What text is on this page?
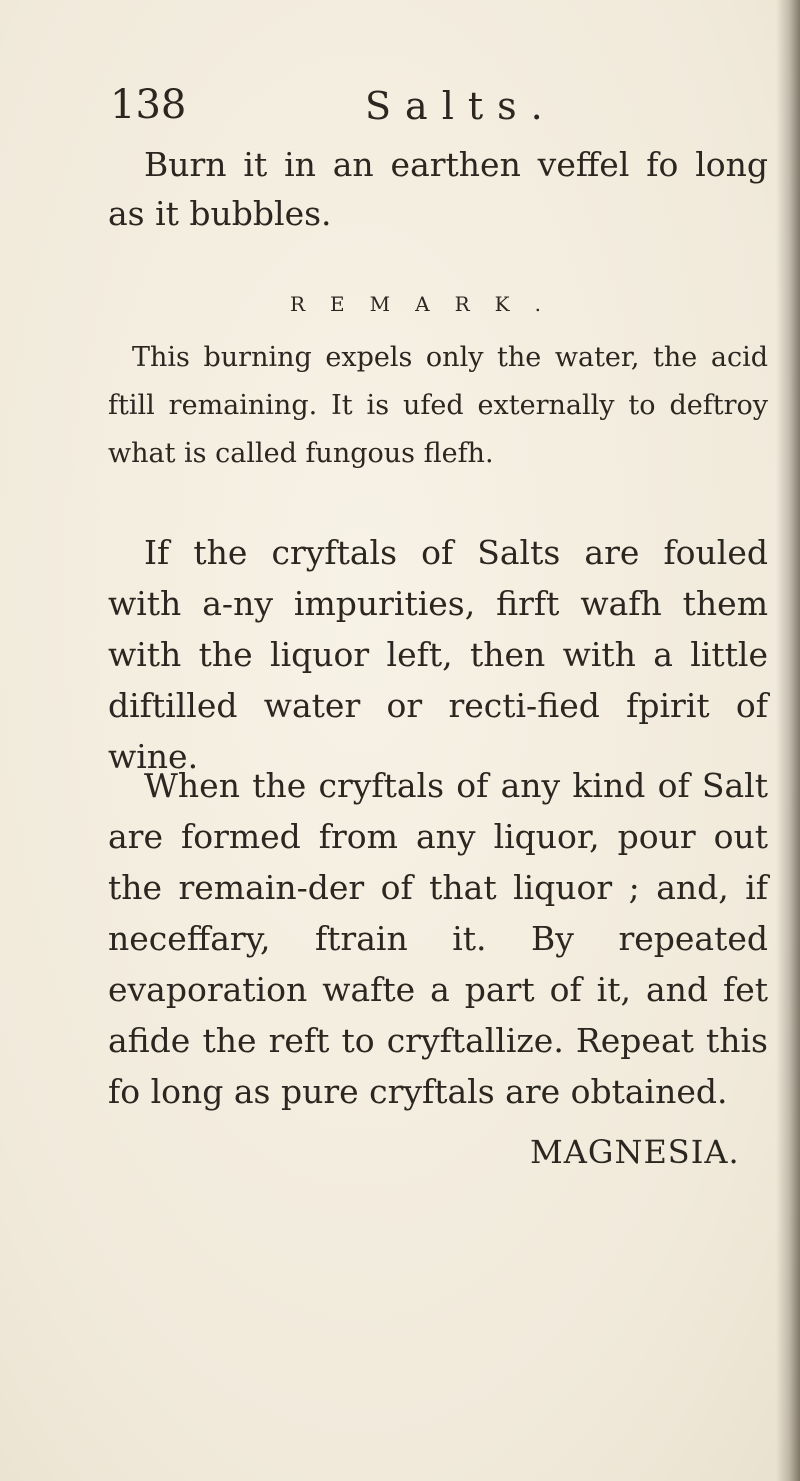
138	Salts.

Burn it in an earthen veffel fo long as it bubbles.

REMARK.

This burning expels only the water, the acid ftill remaining. It is ufed externally to deftroy what is called fungous flefh.

If the cryftals of Salts are fouled with a-ny impurities, firft wafh them with the liquor left, then with a little diftilled water or recti-fied fpirit of wine.

When the cryftals of any kind of Salt are formed from any liquor, pour out the remain-der of that liquor ; and, if neceffary, ftrain it. By repeated evaporation wafte a part of it, and fet afide the reft to cryftallize. Repeat this fo long as pure cryftals are obtained.

MAGNESIA.
